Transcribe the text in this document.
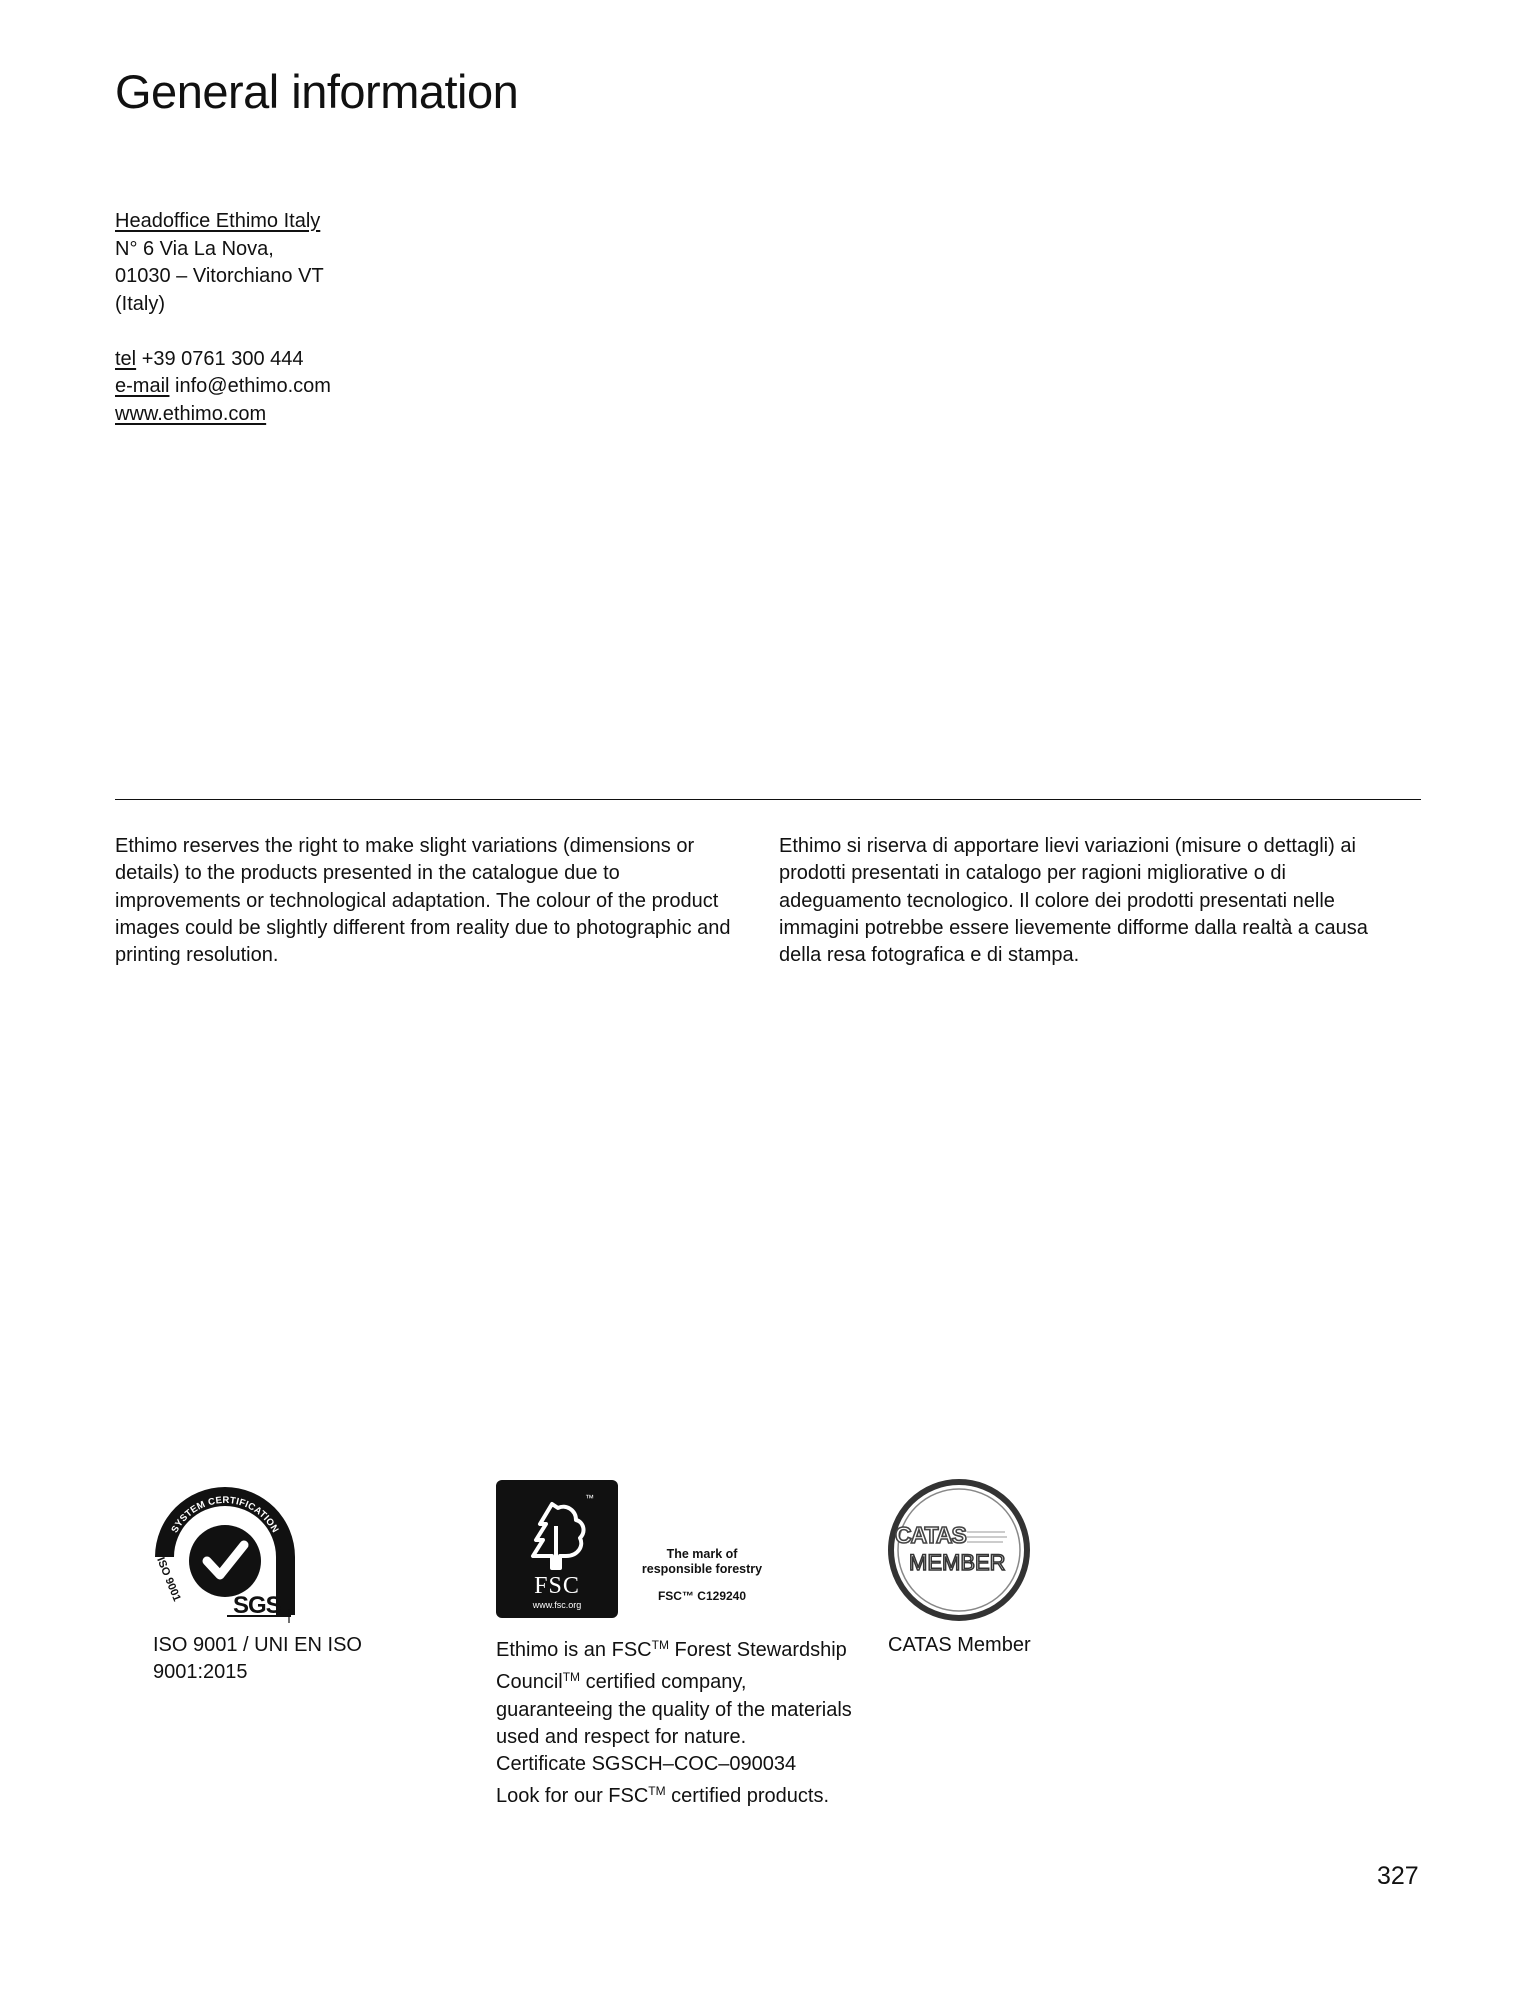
General information
Headoffice Ethimo Italy
N° 6 Via La Nova,
01030 – Vitorchiano VT
(Italy)
tel +39 0761 300 444
e-mail info@ethimo.com
www.ethimo.com
Ethimo reserves the right to make slight variations (dimensions or details) to the products presented in the catalogue due to improvements or technological adaptation. The colour of the product images could be slightly different from reality due to photographic and printing resolution.
Ethimo si riserva di apportare lievi variazioni (misure o dettagli) ai prodotti presentati in catalogo per ragioni migliorative o di adeguamento tecnologico. Il colore dei prodotti presentati nelle immagini potrebbe essere lievemente difforme dalla realtà a causa della resa fotografica e di stampa.
SYSTEM CERTIFICATION
ISO 9001
SGS
ISO 9001 / UNI EN ISO 9001:2015
™
FSC
www.fsc.org
The mark of
responsible forestry
FSC™ C129240
Ethimo is an FSC™ Forest Stewardship Council™ certified company, guaranteeing the quality of the materials used and respect for nature.
Certificate SGSCH–COC–090034
Look for our FSC™ certified products.
CATAS
MEMBER
CATAS Member
327
